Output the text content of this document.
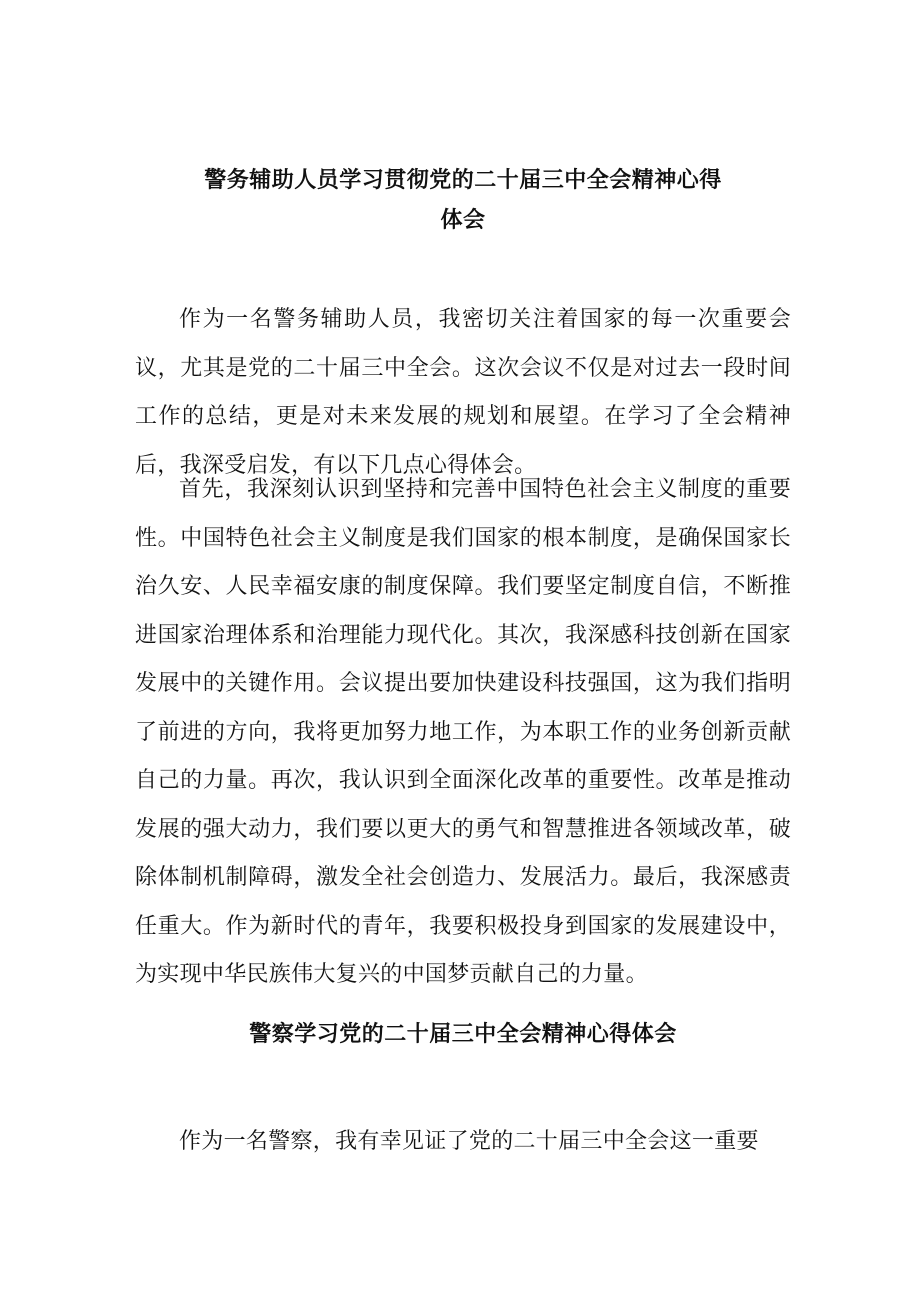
警务辅助人员学习贯彻党的二十届三中全会精神心得
体会

作为一名警务辅助人员，我密切关注着国家的每一次重要会议，尤其是党的二十届三中全会。这次会议不仅是对过去一段时间工作的总结，更是对未来发展的规划和展望。在学习了全会精神后，我深受启发，有以下几点心得体会。

首先，我深刻认识到坚持和完善中国特色社会主义制度的重要性。中国特色社会主义制度是我们国家的根本制度，是确保国家长治久安、人民幸福安康的制度保障。我们要坚定制度自信，不断推进国家治理体系和治理能力现代化。其次，我深感科技创新在国家发展中的关键作用。会议提出要加快建设科技强国，这为我们指明了前进的方向，我将更加努力地工作，为本职工作的业务创新贡献自己的力量。再次，我认识到全面深化改革的重要性。改革是推动发展的强大动力，我们要以更大的勇气和智慧推进各领域改革，破除体制机制障碍，激发全社会创造力、发展活力。最后，我深感责任重大。作为新时代的青年，我要积极投身到国家的发展建设中，为实现中华民族伟大复兴的中国梦贡献自己的力量。

警察学习党的二十届三中全会精神心得体会

作为一名警察，我有幸见证了党的二十届三中全会这一重要
